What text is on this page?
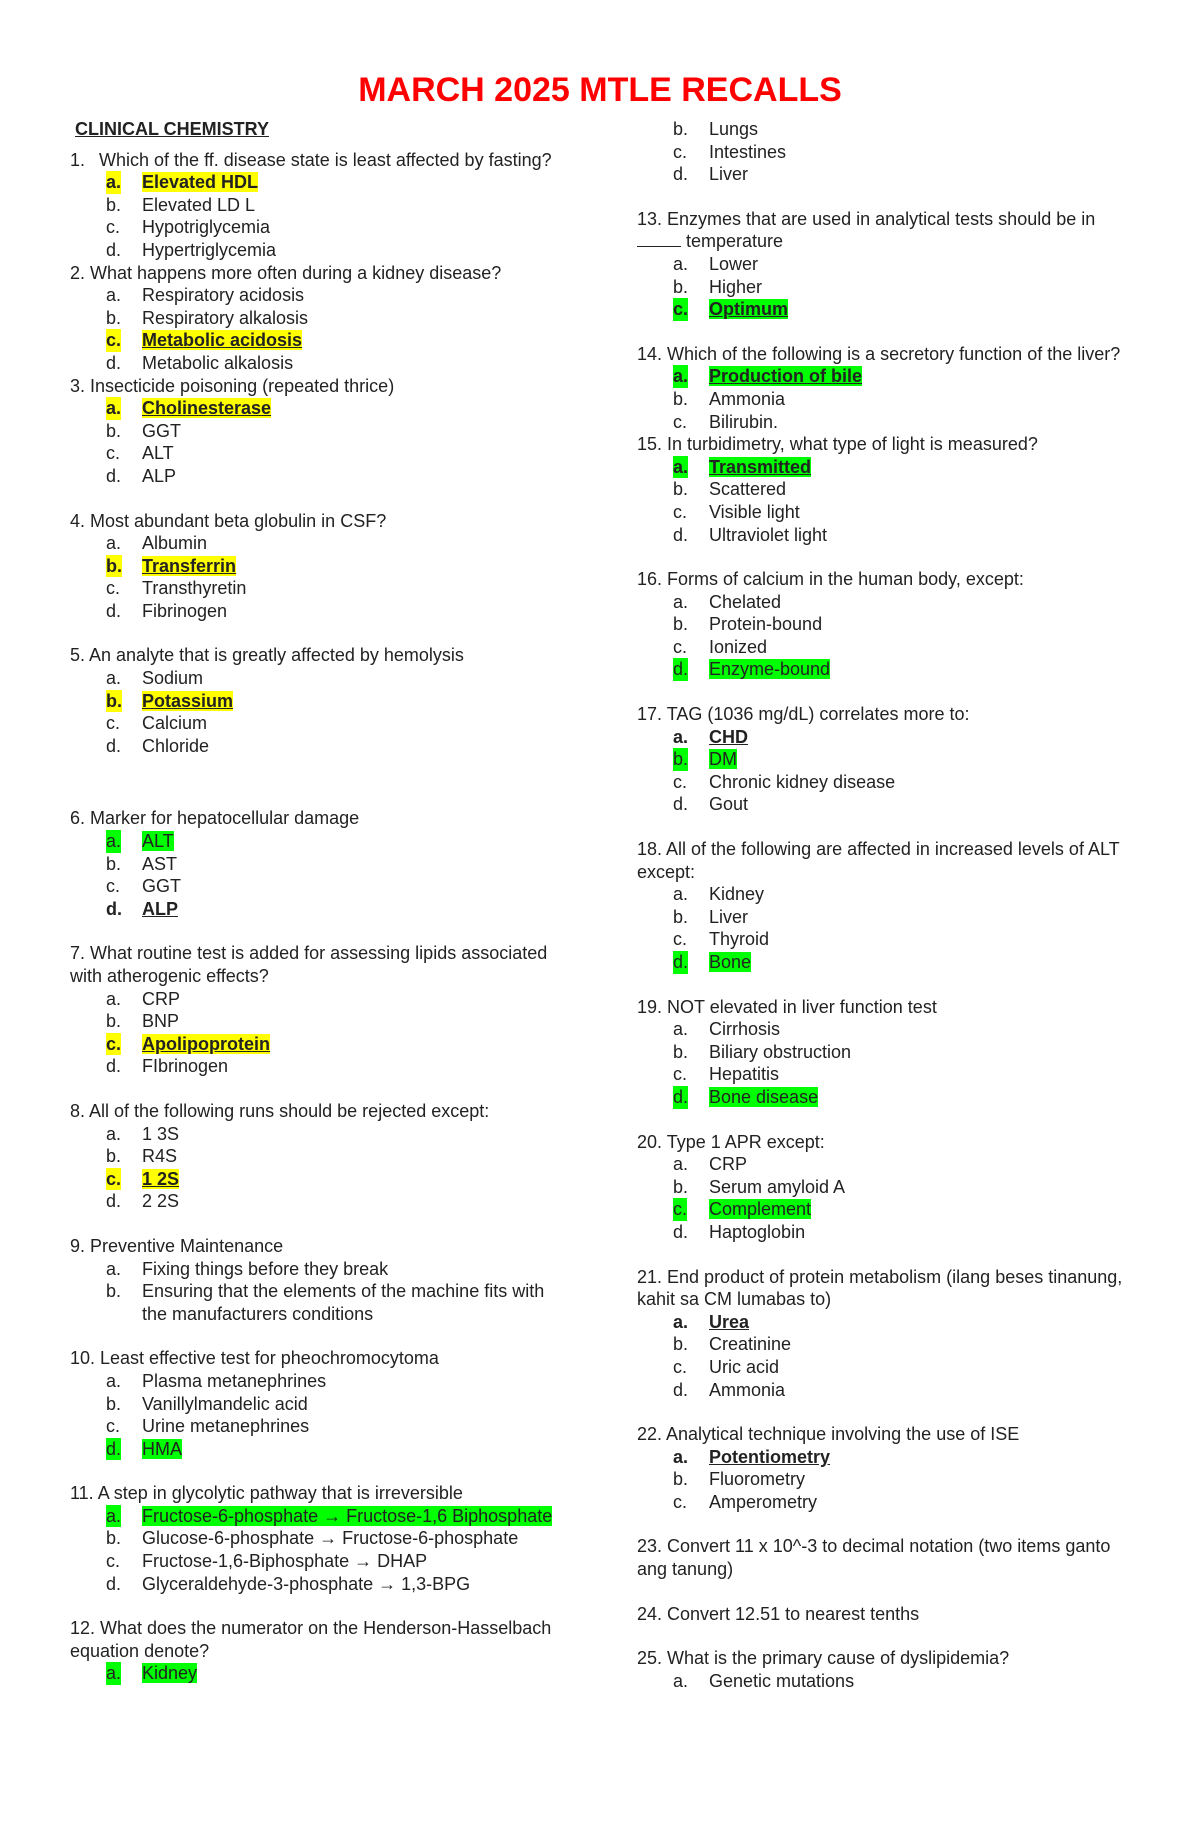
MARCH 2025 MTLE RECALLS
CLINICAL CHEMISTRY
1. Which of the ff. disease state is least affected by fasting?
a. Elevated HDL
b. Elevated LD L
c. Hypotriglycemia
d. Hypertriglycemia
2. What happens more often during a kidney disease?
a. Respiratory acidosis
b. Respiratory alkalosis
c. Metabolic acidosis
d. Metabolic alkalosis
3. Insecticide poisoning (repeated thrice)
a. Cholinesterase
b. GGT
c. ALT
d. ALP
4. Most abundant beta globulin in CSF?
a. Albumin
b. Transferrin
c. Transthyretin
d. Fibrinogen
5. An analyte that is greatly affected by hemolysis
a. Sodium
b. Potassium
c. Calcium
d. Chloride
6. Marker for hepatocellular damage
a. ALT
b. AST
c. GGT
d. ALP
7. What routine test is added for assessing lipids associated with atherogenic effects?
a. CRP
b. BNP
c. Apolipoprotein
d. FIbrinogen
8. All of the following runs should be rejected except:
a. 1 3S
b. R4S
c. 1 2S
d. 2 2S
9. Preventive Maintenance
a. Fixing things before they break
b. Ensuring that the elements of the machine fits with the manufacturers conditions
10. Least effective test for pheochromocytoma
a. Plasma metanephrines
b. Vanillylmandelic acid
c. Urine metanephrines
d. HMA
11. A step in glycolytic pathway that is irreversible
a. Fructose-6-phosphate → Fructose-1,6 Biphosphate
b. Glucose-6-phosphate → Fructose-6-phosphate
c. Fructose-1,6-Biphosphate → DHAP
d. Glyceraldehyde-3-phosphate → 1,3-BPG
12. What does the numerator on the Henderson-Hasselbach equation denote?
a. Kidney
b. Lungs
c. Intestines
d. Liver
13. Enzymes that are used in analytical tests should be in  temperature
a. Lower
b. Higher
c. Optimum
14. Which of the following is a secretory function of the liver?
a. Production of bile
b. Ammonia
c. Bilirubin.
15. In turbidimetry, what type of light is measured?
a. Transmitted
b. Scattered
c. Visible light
d. Ultraviolet light
16. Forms of calcium in the human body, except:
a. Chelated
b. Protein-bound
c. Ionized
d. Enzyme-bound
17. TAG (1036 mg/dL) correlates more to:
a. CHD
b. DM
c. Chronic kidney disease
d. Gout
18. All of the following are affected in increased levels of ALT except:
a. Kidney
b. Liver
c. Thyroid
d. Bone
19. NOT elevated in liver function test
a. Cirrhosis
b. Biliary obstruction
c. Hepatitis
d. Bone disease
20. Type 1 APR except:
a. CRP
b. Serum amyloid A
c. Complement
d. Haptoglobin
21. End product of protein metabolism (ilang beses tinanung, kahit sa CM lumabas to)
a. Urea
b. Creatinine
c. Uric acid
d. Ammonia
22. Analytical technique involving the use of ISE
a. Potentiometry
b. Fluorometry
c. Amperometry
23. Convert 11 x 10^-3 to decimal notation (two items ganto ang tanung)
24. Convert 12.51 to nearest tenths
25. What is the primary cause of dyslipidemia?
a. Genetic mutations
